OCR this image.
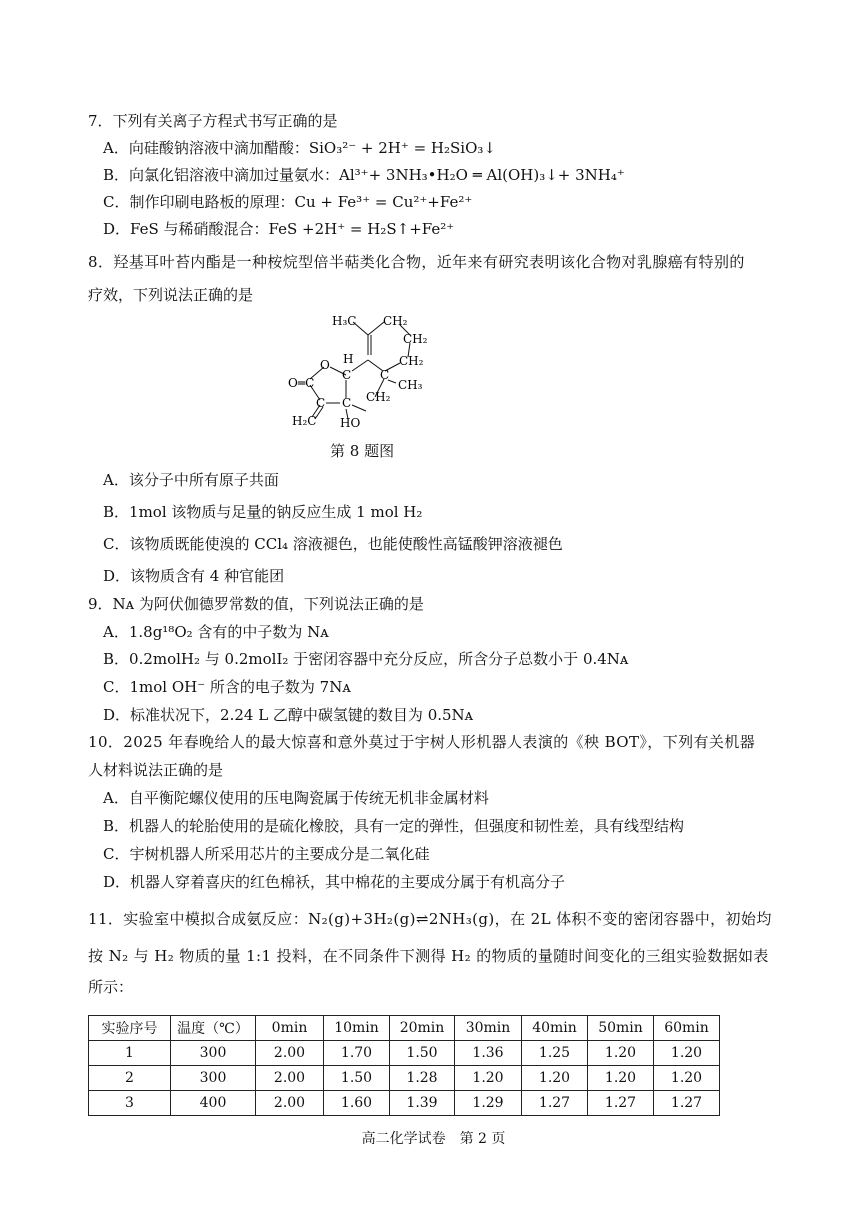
7．下列有关离子方程式书写正确的是
A．向硅酸钠溶液中滴加醋酸：SiO₃²⁻ + 2H⁺ = H₂SiO₃↓
B．向氯化铝溶液中滴加过量氨水：Al³⁺+ 3NH₃•H₂O ═ Al(OH)₃↓+ 3NH₄⁺
C．制作印刷电路板的原理：Cu + Fe³⁺ = Cu²⁺+Fe²⁺
D．FeS 与稀硝酸混合：FeS +2H⁺ = H₂S↑+Fe²⁺
8．羟基耳叶苔内酯是一种桉烷型倍半萜类化合物，近年来有研究表明该化合物对乳腺癌有特别的
疗效，下列说法正确的是
H₃C CH₂
CH₂
H	CH₂
O
C C
O═C	CH₃
C C CH₂
H₂C HO
第 8 题图
A．该分子中所有原子共面
B．1mol 该物质与足量的钠反应生成 1 mol H₂
C．该物质既能使溴的 CCl₄ 溶液褪色，也能使酸性高锰酸钾溶液褪色
D．该物质含有 4 种官能团
9．Nᴀ 为阿伏伽德罗常数的值，下列说法正确的是
A．1.8g¹⁸O₂ 含有的中子数为 Nᴀ
B．0.2molH₂ 与 0.2molI₂ 于密闭容器中充分反应，所含分子总数小于 0.4Nᴀ
C．1mol OH⁻ 所含的电子数为 7Nᴀ
D．标准状况下，2.24 L 乙醇中碳氢键的数目为 0.5Nᴀ
10．2025 年春晚给人的最大惊喜和意外莫过于宇树人形机器人表演的《秧 BOT》，下列有关机器
人材料说法正确的是
A．自平衡陀螺仪使用的压电陶瓷属于传统无机非金属材料
B．机器人的轮胎使用的是硫化橡胶，具有一定的弹性，但强度和韧性差，具有线型结构
C．宇树机器人所采用芯片的主要成分是二氧化硅
D．机器人穿着喜庆的红色棉袄，其中棉花的主要成分属于有机高分子
11．实验室中模拟合成氨反应：N₂(g)+3H₂(g)⇌2NH₃(g)，在 2L 体积不变的密闭容器中，初始均
按 N₂ 与 H₂ 物质的量 1:1 投料，在不同条件下测得 H₂ 的物质的量随时间变化的三组实验数据如表
所示：
实验序号	温度（℃）	0min	10min	20min	30min	40min	50min	60min
1	300	2.00	1.70	1.50	1.36	1.25	1.20	1.20
2	300	2.00	1.50	1.28	1.20	1.20	1.20	1.20
3	400	2.00	1.60	1.39	1.29	1.27	1.27	1.27
高二化学试卷　第 2 页
